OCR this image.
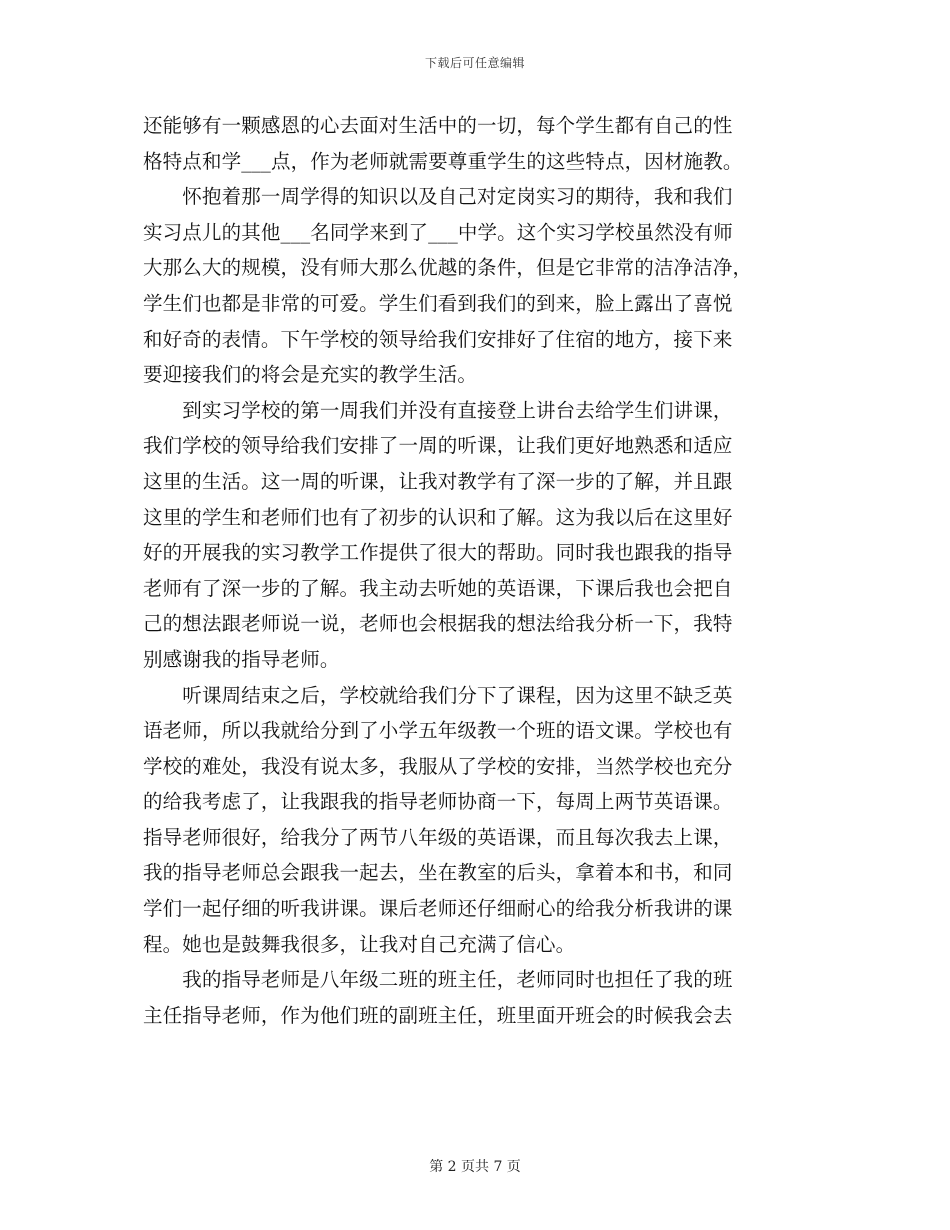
下载后可任意编辑
还能够有一颗感恩的心去面对生活中的一切，每个学生都有自己的性
格特点和学___点，作为老师就需要尊重学生的这些特点，因材施教。
　　怀抱着那一周学得的知识以及自己对定岗实习的期待，我和我们
实习点儿的其他___名同学来到了___中学。这个实习学校虽然没有师
大那么大的规模，没有师大那么优越的条件，但是它非常的洁净洁净，
学生们也都是非常的可爱。学生们看到我们的到来，脸上露出了喜悦
和好奇的表情。下午学校的领导给我们安排好了住宿的地方，接下来
要迎接我们的将会是充实的教学生活。
　　到实习学校的第一周我们并没有直接登上讲台去给学生们讲课，
我们学校的领导给我们安排了一周的听课，让我们更好地熟悉和适应
这里的生活。这一周的听课，让我对教学有了深一步的了解，并且跟
这里的学生和老师们也有了初步的认识和了解。这为我以后在这里好
好的开展我的实习教学工作提供了很大的帮助。同时我也跟我的指导
老师有了深一步的了解。我主动去听她的英语课，下课后我也会把自
己的想法跟老师说一说，老师也会根据我的想法给我分析一下，我特
别感谢我的指导老师。
　　听课周结束之后，学校就给我们分下了课程，因为这里不缺乏英
语老师，所以我就给分到了小学五年级教一个班的语文课。学校也有
学校的难处，我没有说太多，我服从了学校的安排，当然学校也充分
的给我考虑了，让我跟我的指导老师协商一下，每周上两节英语课。
指导老师很好，给我分了两节八年级的英语课，而且每次我去上课，
我的指导老师总会跟我一起去，坐在教室的后头，拿着本和书，和同
学们一起仔细的听我讲课。课后老师还仔细耐心的给我分析我讲的课
程。她也是鼓舞我很多，让我对自己充满了信心。
　　我的指导老师是八年级二班的班主任，老师同时也担任了我的班
主任指导老师，作为他们班的副班主任，班里面开班会的时候我会去
第 2 页共 7 页
